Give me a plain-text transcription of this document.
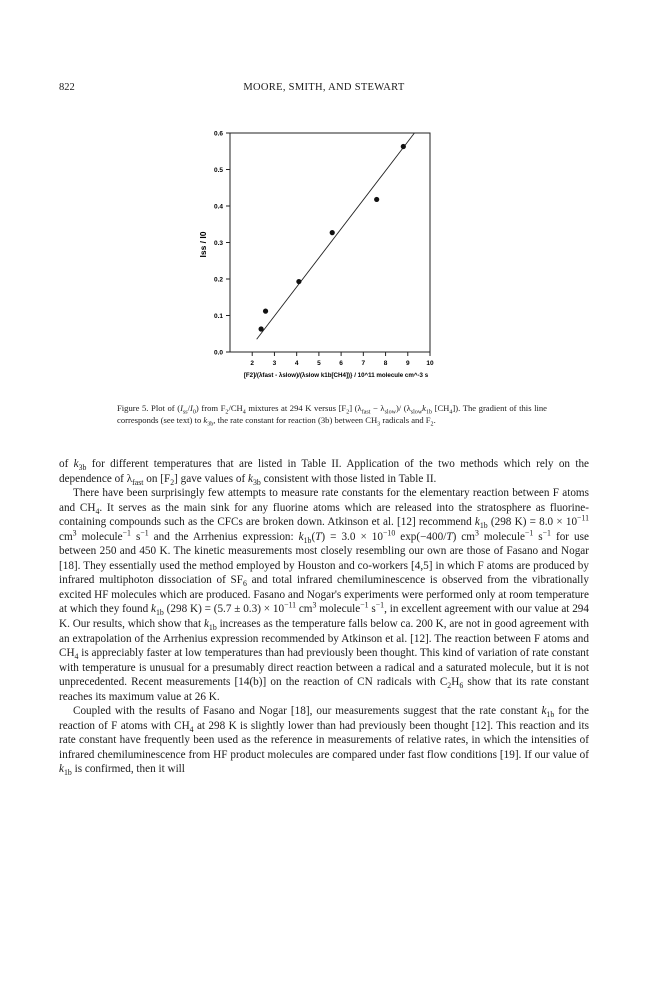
822	MOORE, SMITH, AND STEWART
0.0
0.1
0.2
0.3
0.4
0.5
0.6
2	3	4	5	6	7	8	9	10
Iss / I0
[F2]/(λfast - λslow)/(λslow k1b[CH4])} / 10^11 molecule cm^-3 s
Figure 5. Plot of $(I_{ss}/I_0)$ from $F_2/CH_4$ mixtures at 294 K versus $[F_2] (\lambda_{fast} - \lambda_{slow})/$ ($\lambda_{slow}k_{1b}$ $[CH_4]$). The gradient of this line corresponds (see text) to $k_{3b}$, the rate constant for reaction (3b) between $CH_3$ radicals and $F_2$.

of $k_{3b}$ for different temperatures that are listed in Table II. Application of the two methods which rely on the dependence of $\lambda_{fast}$ on $[F_2]$ gave values of $k_{3b}$ consistent with those listed in Table II.

There have been surprisingly few attempts to measure rate constants for the elementary reaction between F atoms and $CH_4$. It serves as the main sink for any fluorine atoms which are released into the stratosphere as fluorine-containing compounds such as the CFCs are broken down. Atkinson et al. [12] recommend $k_{1b}$ (298 $K) = 8.0 \times 10^{-11}$ $cm^3$ molecule$^{-1}$ $s^{-1}$ and the Arrhenius expression: $k_{1b}(T) = 3.0 \times 10^{-10}$ exp(−400/T) $cm^3$ molecule$^{-1}$ $s^{-1}$ for use between 250 and 450 K. The kinetic measurements most closely resembling our own are those of Fasano and Nogar [18]. They essentially used the method employed by Houston and co-workers [4,5] in which F atoms are produced by infrared multiphoton dissociation of $SF_6$ and total infrared chemiluminescence is observed from the vibrationally excited HF molecules which are produced. Fasano and Nogar's experiments were performed only at room temperature at which they found $k_{1b}$ (298 $K) = (5.7 \pm 0.3) \times 10^{-11}$ $cm^3$ molecule$^{-1}$ $s^{-1}$, in excellent agreement with our value at 294 K. Our results, which show that $k_{1b}$ increases as the temperature falls below ca. 200 K, are not in good agreement with an extrapolation of the Arrhenius expression recommended by Atkinson et al. [12]. The reaction between F atoms and $CH_4$ is appreciably faster at low temperatures than had previously been thought. This kind of variation of rate constant with temperature is unusual for a presumably direct reaction between a radical and a saturated molecule, but it is not unprecedented. Recent measurements [14(b)] on the reaction of CN radicals with $C_2H_6$ show that its rate constant reaches its maximum value at 26 K.

Coupled with the results of Fasano and Nogar [18], our measurements suggest that the rate constant $k_{1b}$ for the reaction of F atoms with $CH_4$ at 298 K is slightly lower than had previously been thought [12]. This reaction and its rate constant have frequently been used as the reference in measurements of relative rates, in which the intensities of infrared chemiluminescence from HF product molecules are compared under fast flow conditions [19]. If our value of $k_{1b}$ is confirmed, then it will
